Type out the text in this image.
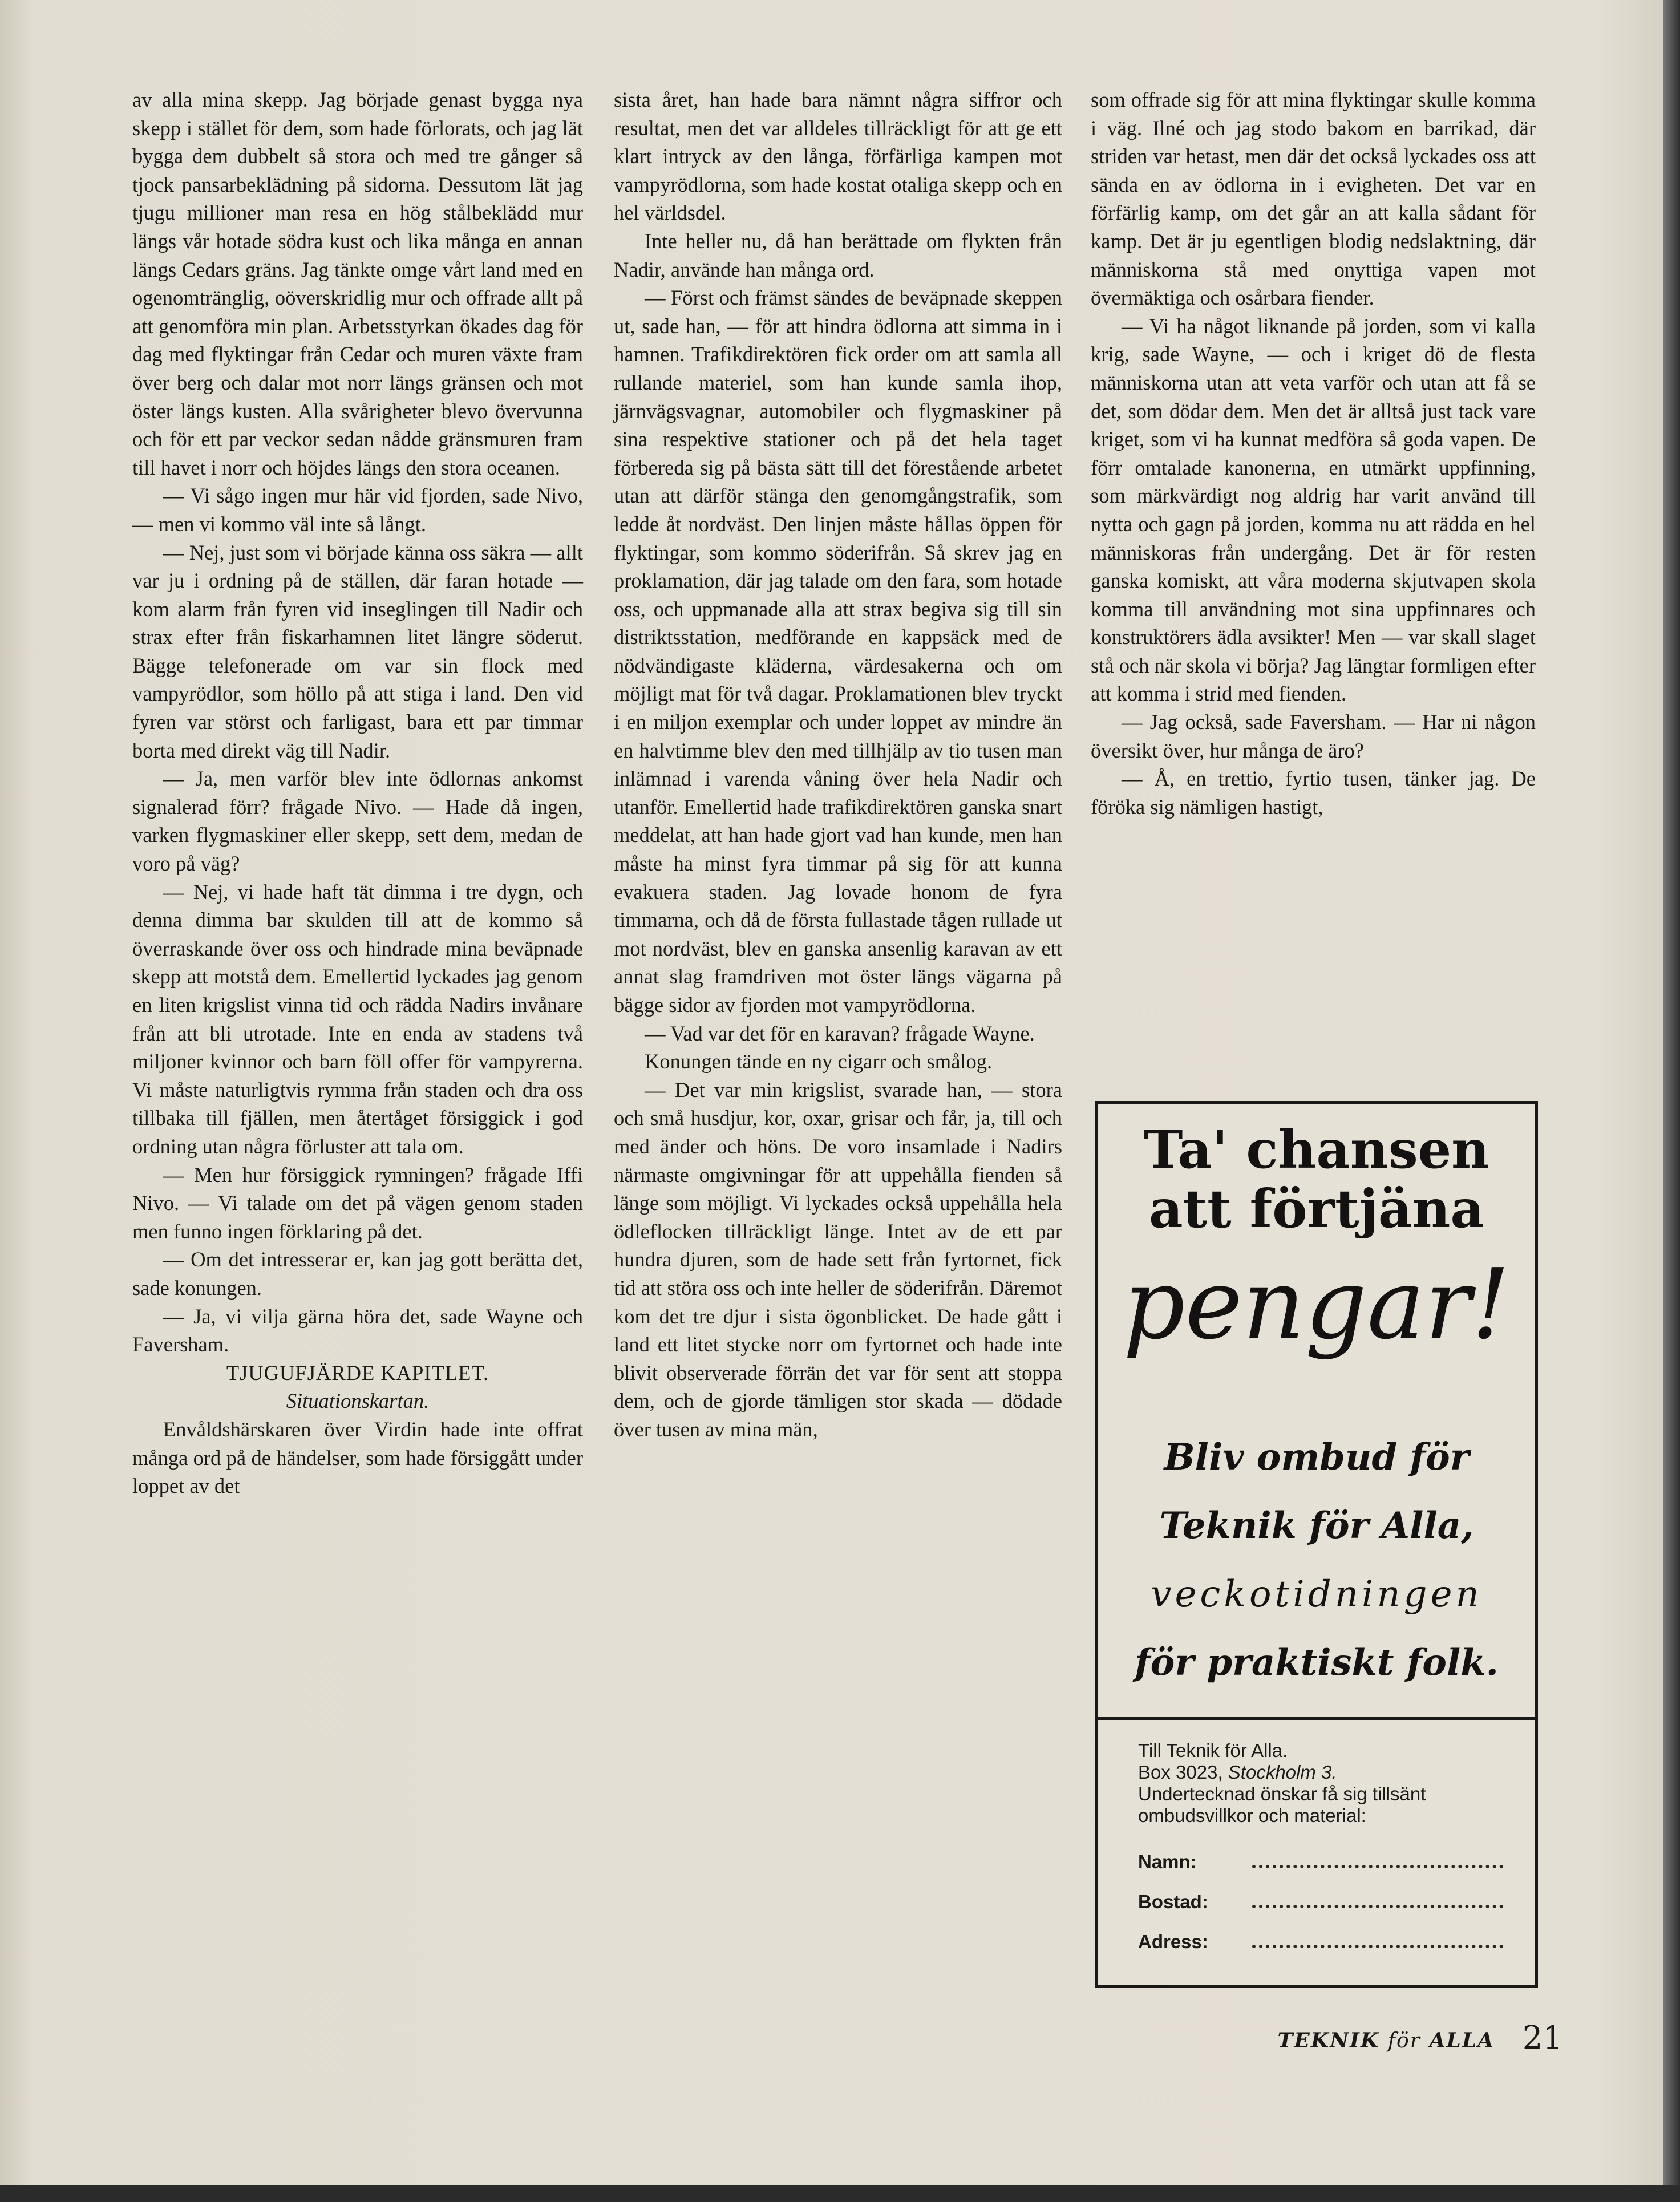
av alla mina skepp. Jag började genast bygga nya skepp i stället för dem, som hade förlorats, och jag lät bygga dem dubbelt så stora och med tre gånger så tjock pansarbeklädning på sidorna. Dessutom lät jag tjugu millioner man resa en hög stålbeklädd mur längs vår hotade södra kust och lika många en annan längs Cedars gräns. Jag tänkte omge vårt land med en ogenomtränglig, oöverskridlig mur och offrade allt på att genomföra min plan. Arbetsstyrkan ökades dag för dag med flyktingar från Cedar och muren växte fram över berg och dalar mot norr längs gränsen och mot öster längs kusten. Alla svårigheter blevo övervunna och för ett par veckor sedan nådde gränsmuren fram till havet i norr och höjdes längs den stora oceanen.

— Vi sågo ingen mur här vid fjorden, sade Nivo, — men vi kommo väl inte så långt.

— Nej, just som vi började känna oss säkra — allt var ju i ordning på de ställen, där faran hotade — kom alarm från fyren vid inseglingen till Nadir och strax efter från fiskarhamnen litet längre söderut. Bägge telefonerade om var sin flock med vampyrödlor, som höllo på att stiga i land. Den vid fyren var störst och farligast, bara ett par timmar borta med direkt väg till Nadir.

— Ja, men varför blev inte ödlornas ankomst signalerad förr? frågade Nivo. — Hade då ingen, varken flygmaskiner eller skepp, sett dem, medan de voro på väg?

— Nej, vi hade haft tät dimma i tre dygn, och denna dimma bar skulden till att de kommo så överraskande över oss och hindrade mina beväpnade skepp att motstå dem. Emellertid lyckades jag genom en liten krigslist vinna tid och rädda Nadirs invånare från att bli utrotade. Inte en enda av stadens två miljoner kvinnor och barn föll offer för vampyrerna. Vi måste naturligtvis rymma från staden och dra oss tillbaka till fjällen, men återtåget försiggick i god ordning utan några förluster att tala om.

— Men hur försiggick rymningen? frågade Iffi Nivo. — Vi talade om det på vägen genom staden men funno ingen förklaring på det.

— Om det intresserar er, kan jag gott berätta det, sade konungen.

— Ja, vi vilja gärna höra det, sade Wayne och Faversham.

TJUGUFJÄRDE KAPITLET.

Situationskartan.

Envåldshärskaren över Virdin hade inte offrat många ord på de händelser, som hade försiggått under loppet av det

sista året, han hade bara nämnt några siffror och resultat, men det var alldeles tillräckligt för att ge ett klart intryck av den långa, förfärliga kampen mot vampyrödlorna, som hade kostat otaliga skepp och en hel världsdel.

Inte heller nu, då han berättade om flykten från Nadir, använde han många ord.

— Först och främst sändes de beväpnade skeppen ut, sade han, — för att hindra ödlorna att simma in i hamnen. Trafikdirektören fick order om att samla all rullande materiel, som han kunde samla ihop, järnvägsvagnar, automobiler och flygmaskiner på sina respektive stationer och på det hela taget förbereda sig på bästa sätt till det förestående arbetet utan att därför stänga den genomgångstrafik, som ledde åt nordväst. Den linjen måste hållas öppen för flyktingar, som kommo söderifrån. Så skrev jag en proklamation, där jag talade om den fara, som hotade oss, och uppmanade alla att strax begiva sig till sin distriktsstation, medförande en kappsäck med de nödvändigaste kläderna, värdesakerna och om möjligt mat för två dagar. Proklamationen blev tryckt i en miljon exemplar och under loppet av mindre än en halvtimme blev den med tillhjälp av tio tusen man inlämnad i varenda våning över hela Nadir och utanför. Emellertid hade trafikdirektören ganska snart meddelat, att han hade gjort vad han kunde, men han måste ha minst fyra timmar på sig för att kunna evakuera staden. Jag lovade honom de fyra timmarna, och då de första fullastade tågen rullade ut mot nordväst, blev en ganska ansenlig karavan av ett annat slag framdriven mot öster längs vägarna på bägge sidor av fjorden mot vampyrödlorna.

— Vad var det för en karavan? frågade Wayne.

Konungen tände en ny cigarr och smålog.

— Det var min krigslist, svarade han, — stora och små husdjur, kor, oxar, grisar och får, ja, till och med änder och höns. De voro insamlade i Nadirs närmaste omgivningar för att uppehålla fienden så länge som möjligt. Vi lyckades också uppehålla hela ödleflocken tillräckligt länge. Intet av de ett par hundra djuren, som de hade sett från fyrtornet, fick tid att störa oss och inte heller de söderifrån. Däremot kom det tre djur i sista ögonblicket. De hade gått i land ett litet stycke norr om fyrtornet och hade inte blivit observerade förrän det var för sent att stoppa dem, och de gjorde tämligen stor skada — dödade över tusen av mina män,

som offrade sig för att mina flyktingar skulle komma i väg. Ilné och jag stodo bakom en barrikad, där striden var hetast, men där det också lyckades oss att sända en av ödlorna in i evigheten. Det var en förfärlig kamp, om det går an att kalla sådant för kamp. Det är ju egentligen blodig nedslaktning, där människorna stå med onyttiga vapen mot övermäktiga och osårbara fiender.

— Vi ha något liknande på jorden, som vi kalla krig, sade Wayne, — och i kriget dö de flesta människorna utan att veta varför och utan att få se det, som dödar dem. Men det är alltså just tack vare kriget, som vi ha kunnat medföra så goda vapen. De förr omtalade kanonerna, en utmärkt uppfinning, som märkvärdigt nog aldrig har varit använd till nytta och gagn på jorden, komma nu att rädda en hel människoras från undergång. Det är för resten ganska komiskt, att våra moderna skjutvapen skola komma till användning mot sina uppfinnares och konstruktörers ädla avsikter! Men — var skall slaget stå och när skola vi börja? Jag längtar formligen efter att komma i strid med fienden.

— Jag också, sade Faversham. — Har ni någon översikt över, hur många de äro?

— Å, en trettio, fyrtio tusen, tänker jag. De föröka sig nämligen hastigt,

Ta' chansen
att förtjäna
pengar!
Bliv ombud för
Teknik för Alla,
veckotidningen
för praktiskt folk.
Till Teknik för Alla.
Box 3023, Stockholm 3.
Undertecknad önskar få sig tillsänt ombudsvillkor och material:
Namn:
Bostad:
Adress:
TEKNIK för ALLA 21
